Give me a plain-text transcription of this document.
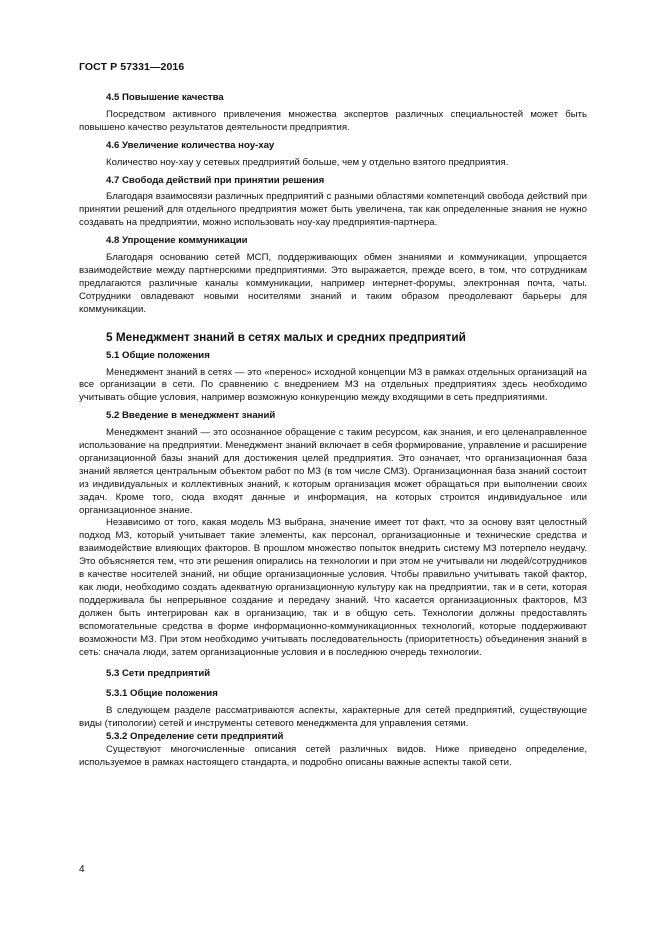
ГОСТ Р 57331—2016
4.5 Повышение качества
Посредством активного привлечения множества экспертов различных специальностей может быть повышено качество результатов деятельности предприятия.
4.6 Увеличение количества ноу-хау
Количество ноу-хау у сетевых предприятий больше, чем у отдельно взятого предприятия.
4.7 Свобода действий при принятии решения
Благодаря взаимосвязи различных предприятий с разными областями компетенций свобода действий при принятии решений для отдельного предприятия может быть увеличена, так как определенные знания не нужно создавать на предприятии, можно использовать ноу-хау предприятия-партнера.
4.8 Упрощение коммуникации
Благодаря основанию сетей МСП, поддерживающих обмен знаниями и коммуникации, упрощается взаимодействие между партнерскими предприятиями. Это выражается, прежде всего, в том, что сотрудникам предлагаются различные каналы коммуникации, например интернет-форумы, электронная почта, чаты. Сотрудники овладевают новыми носителями знаний и таким образом преодолевают барьеры для коммуникации.
5 Менеджмент знаний в сетях малых и средних предприятий
5.1 Общие положения
Менеджмент знаний в сетях — это «перенос» исходной концепции МЗ в рамках отдельных организаций на все организации в сети. По сравнению с внедрением МЗ на отдельных предприятиях здесь необходимо учитывать общие условия, например возможную конкуренцию между входящими в сеть предприятиями.
5.2 Введение в менеджмент знаний
Менеджмент знаний — это осознанное обращение с таким ресурсом, как знания, и его целенаправленное использование на предприятии. Менеджмент знаний включает в себя формирование, управление и расширение организационной базы знаний для достижения целей предприятия. Это означает, что организационная база знаний является центральным объектом работ по МЗ (в том числе СМЗ). Организационная база знаний состоит из индивидуальных и коллективных знаний, к которым организация может обращаться при выполнении своих задач. Кроме того, сюда входят данные и информация, на которых строится индивидуальное или организационное знание.
Независимо от того, какая модель МЗ выбрана, значение имеет тот факт, что за основу взят целостный подход МЗ, который учитывает такие элементы, как персонал, организационные и технические средства и взаимодействие влияющих факторов. В прошлом множество попыток внедрить систему МЗ потерпело неудачу. Это объясняется тем, что эти решения опирались на технологии и при этом не учитывали ни людей/сотрудников в качестве носителей знаний, ни общие организационные условия. Чтобы правильно учитывать такой фактор, как люди, необходимо создать адекватную организационную культуру как на предприятии, так и в сети, которая поддерживала бы непрерывное создание и передачу знаний. Что касается организационных факторов, МЗ должен быть интегрирован как в организацию, так и в общую сеть. Технологии должны предоставлять вспомогательные средства в форме информационно-коммуникационных технологий, которые поддерживают возможности МЗ. При этом необходимо учитывать последовательность (приоритетность) объединения знаний в сеть: сначала люди, затем организационные условия и в последнюю очередь технологии.
5.3 Сети предприятий
5.3.1 Общие положения
В следующем разделе рассматриваются аспекты, характерные для сетей предприятий, существующие виды (типологии) сетей и инструменты сетевого менеджмента для управления сетями.
5.3.2 Определение сети предприятий
Существуют многочисленные описания сетей различных видов. Ниже приведено определение, используемое в рамках настоящего стандарта, и подробно описаны важные аспекты такой сети.
4
